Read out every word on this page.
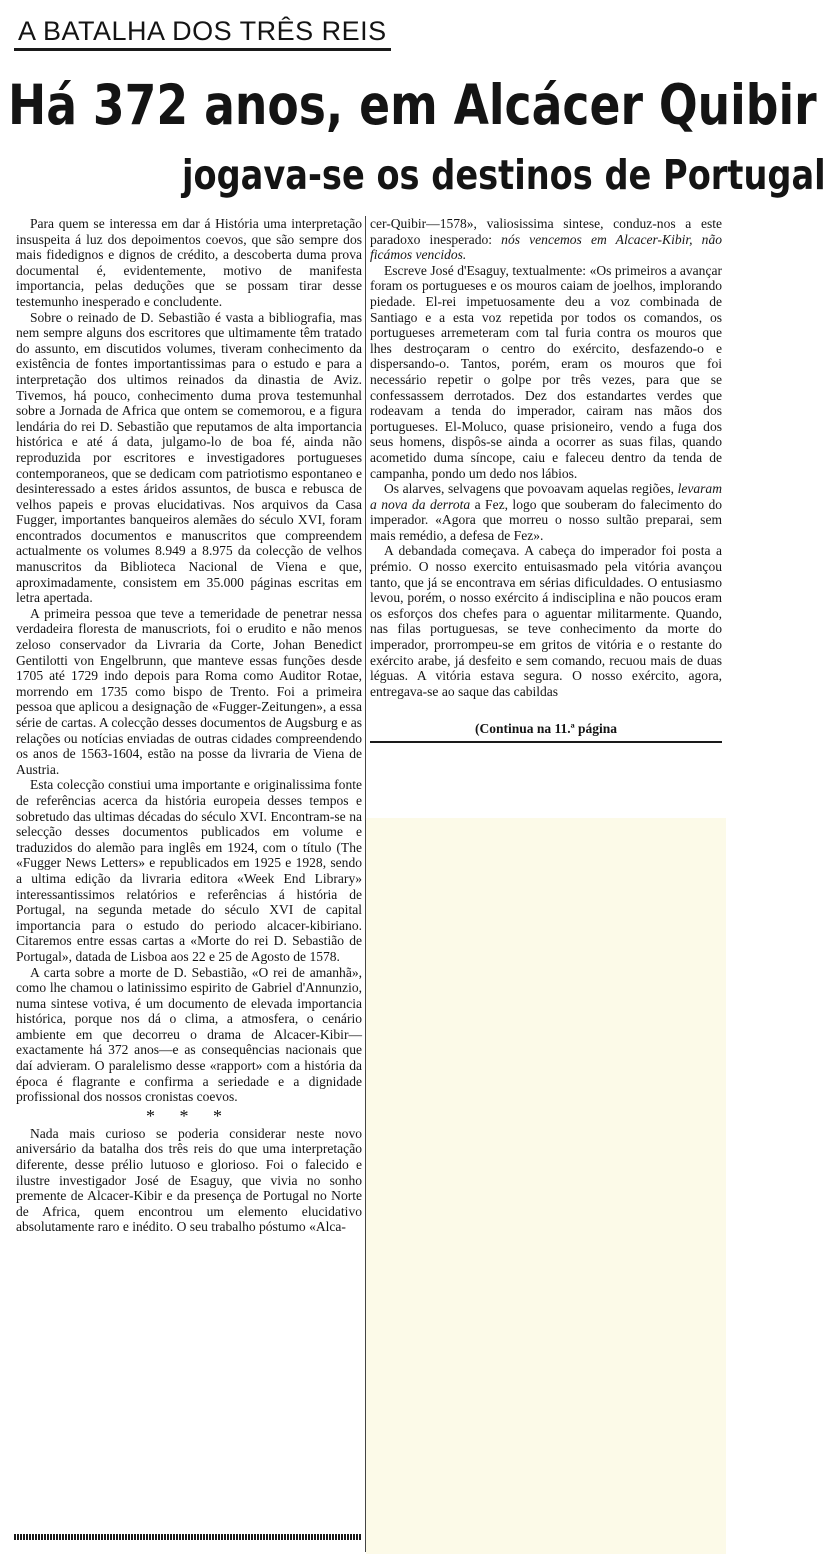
A BATALHA DOS TRÊS REIS
Há 372 anos, em Alcácer Quibir
jogava-se os destinos de Portugal

Para quem se interessa em dar á História uma interpretação insuspeita á luz dos depoimentos coevos, que são sempre dos mais fidedignos e dignos de crédito, a descoberta duma prova documental é, evidentemente, motivo de manifesta importancia, pelas deduções que se possam tirar desse testemunho inesperado e concludente.

Sobre o reinado de D. Sebastião é vasta a bibliografia, mas nem sempre alguns dos escritores que ultimamente têm tratado do assunto, em discutidos volumes, tiveram conhecimento da existência de fontes importantissimas para o estudo e para a interpretação dos ultimos reinados da dinastia de Aviz. Tivemos, há pouco, conhecimento duma prova testemunhal sobre a Jornada de Africa que ontem se comemorou, e a figura lendária do rei D. Sebastião que reputamos de alta importancia histórica e até á data, julgamo-lo de boa fé, ainda não reproduzida por escritores e investigadores portugueses contemporaneos, que se dedicam com patriotismo espontaneo e desinteressado a estes áridos assuntos, de busca e rebusca de velhos papeis e provas elucidativas. Nos arquivos da Casa Fugger, importantes banqueiros alemães do século XVI, foram encontrados documentos e manuscritos que compreendem actualmente os volumes 8.949 a 8.975 da colecção de velhos manuscritos da Biblioteca Nacional de Viena e que, aproximadamente, consistem em 35.000 páginas escritas em letra apertada.

A primeira pessoa que teve a temeridade de penetrar nessa verdadeira floresta de manuscriots, foi o erudito e não menos zeloso conservador da Livraria da Corte, Johan Benedict Gentilotti von Engelbrunn, que manteve essas funções desde 1705 até 1729 indo depois para Roma como Auditor Rotae, morrendo em 1735 como bispo de Trento. Foi a primeira pessoa que aplicou a designação de «Fugger-Zeitungen», a essa série de cartas. A colecção desses documentos de Augsburg e as relações ou notícias enviadas de outras cidades compreendendo os anos de 1563-1604, estão na posse da livraria de Viena de Austria.

Esta colecção constiui uma importante e originalissima fonte de referências acerca da história europeia desses tempos e sobretudo das ultimas décadas do século XVI. Encontram-se na selecção desses documentos publicados em volume e traduzidos do alemão para inglês em 1924, com o título (The «Fugger News Letters» e republicados em 1925 e 1928, sendo a ultima edição da livraria editora «Week End Library» interessantissimos relatórios e referências á história de Portugal, na segunda metade do século XVI de capital importancia para o estudo do periodo alcacer-kibiriano. Citaremos entre essas cartas a «Morte do rei D. Sebastião de Portugal», datada de Lisboa aos 22 e 25 de Agosto de 1578.

A carta sobre a morte de D. Sebastião, «O rei de amanhã», como lhe chamou o latinissimo espirito de Gabriel d'Annunzio, numa sintese votiva, é um documento de elevada importancia histórica, porque nos dá o clima, a atmosfera, o cenário ambiente em que decorreu o drama de Alcacer-Kibir—exactamente há 372 anos—e as consequências nacionais que daí advieram. O paralelismo desse «rapport» com a história da época é flagrante e confirma a seriedade e a dignidade profissional dos nossos cronistas coevos.

* * *

Nada mais curioso se poderia considerar neste novo aniversário da batalha dos três reis do que uma interpretação diferente, desse prélio lutuoso e glorioso. Foi o falecido e ilustre investigador José de Esaguy, que vivia no sonho premente de Alcacer-Kibir e da presença de Portugal no Norte de Africa, quem encontrou um elemento elucidativo absolutamente raro e inédito. O seu trabalho póstumo «Alca-

cer-Quibir—1578», valiosissima sintese, conduz-nos a este paradoxo inesperado: nós vencemos em Alcacer-Kibir, não ficámos vencidos.

Escreve José d'Esaguy, textualmente: «Os primeiros a avançar foram os portugueses e os mouros caiam de joelhos, implorando piedade. El-rei impetuosamente deu a voz combinada de Santiago e a esta voz repetida por todos os comandos, os portugueses arremeteram com tal furia contra os mouros que lhes destroçaram o centro do exército, desfazendo-o e dispersando-o. Tantos, porém, eram os mouros que foi necessário repetir o golpe por três vezes, para que se confessassem derrotados. Dez dos estandartes verdes que rodeavam a tenda do imperador, cairam nas mãos dos portugueses. El-Moluco, quase prisioneiro, vendo a fuga dos seus homens, dispôs-se ainda a ocorrer as suas filas, quando acometido duma síncope, caiu e faleceu dentro da tenda de campanha, pondo um dedo nos lábios.

Os alarves, selvagens que povoavam aquelas regiões, levaram a nova da derrota a Fez, logo que souberam do falecimento do imperador. «Agora que morreu o nosso sultão preparai, sem mais remédio, a defesa de Fez».

A debandada começava. A cabeça do imperador foi posta a prémio. O nosso exercito entuisasmado pela vitória avançou tanto, que já se encontrava em sérias dificuldades. O entusiasmo levou, porém, o nosso exército á indisciplina e não poucos eram os esforços dos chefes para o aguentar militarmente. Quando, nas filas portuguesas, se teve conhecimento da morte do imperador, prorrompeu-se em gritos de vitória e o restante do exército arabe, já desfeito e sem comando, recuou mais de duas léguas. A vitória estava segura. O nosso exército, agora, entregava-se ao saque das cabildas

(Continua na 11.ª página
